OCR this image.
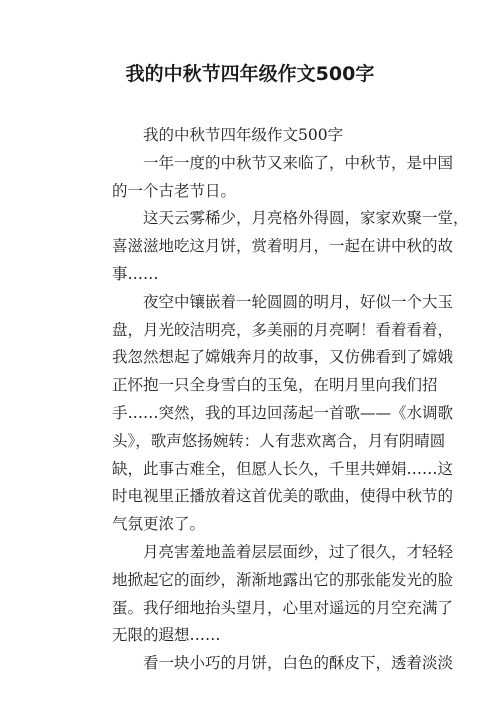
我的中秋节四年级作文500字

我的中秋节四年级作文500字

一年一度的中秋节又来临了，中秋节，是中国

的一个古老节日。

这天云雾稀少，月亮格外得圆，家家欢聚一堂，

喜滋滋地吃这月饼，赏着明月，一起在讲中秋的故

事……

夜空中镶嵌着一轮圆圆的明月，好似一个大玉

盘，月光皎洁明亮，多美丽的月亮啊！看着看着，

我忽然想起了嫦娥奔月的故事，又仿佛看到了嫦娥

正怀抱一只全身雪白的玉兔，在明月里向我们招

手……突然，我的耳边回荡起一首歌——《水调歌

头》，歌声悠扬婉转：人有悲欢离合，月有阴晴圆

缺，此事古难全，但愿人长久，千里共婵娟……这

时电视里正播放着这首优美的歌曲，使得中秋节的

气氛更浓了。

月亮害羞地盖着层层面纱，过了很久，才轻轻

地掀起它的面纱，渐渐地露出它的那张能发光的脸

蛋。我仔细地抬头望月，心里对遥远的月空充满了

无限的遐想……

看一块小巧的月饼，白色的酥皮下，透着淡淡
